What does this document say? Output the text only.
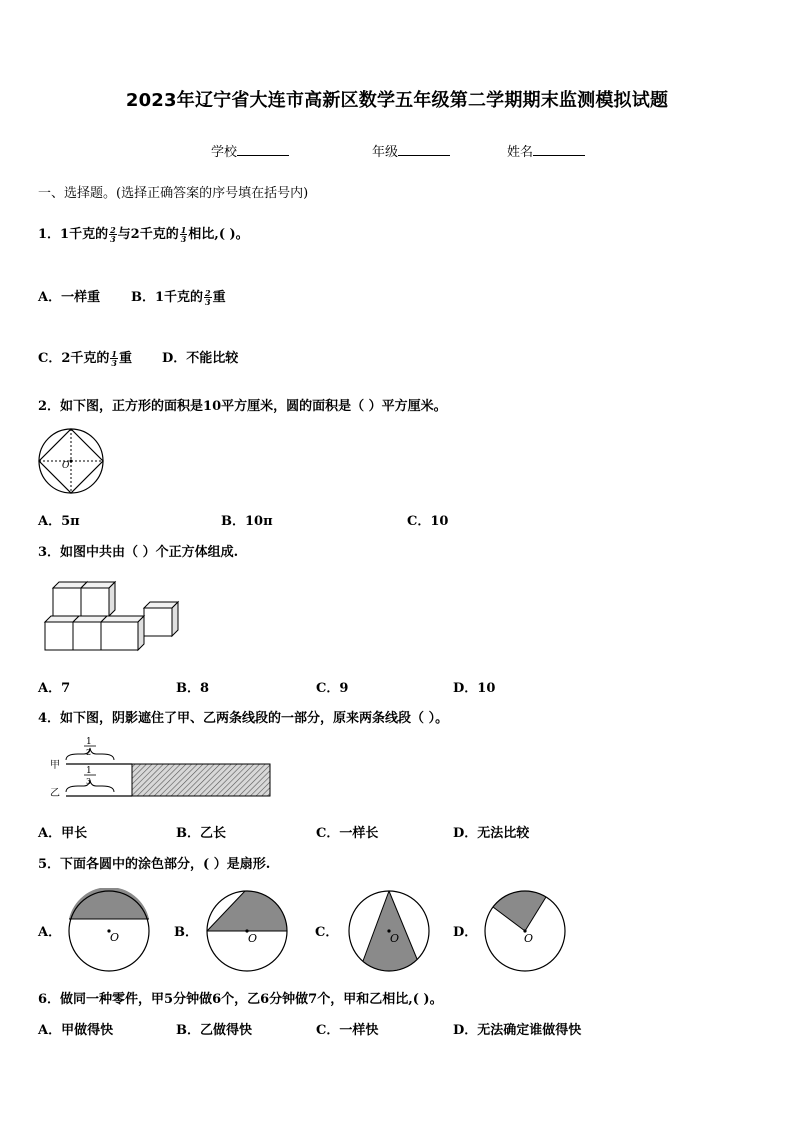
2023年辽宁省大连市高新区数学五年级第二学期期末监测模拟试题
学校	年级	姓名
一、选择题。(选择正确答案的序号填在括号内)
1．1千克的 $\frac{2}{3}$ 与2千克的 $\frac{1}{3}$ 相比,( )。
A．一样重 B．1千克的 $\frac{2}{3}$ 重
C．2千克的 $\frac{1}{3}$ 重 D．不能比较
2．如下图，正方形的面积是10平方厘米，圆的面积是（ ）平方厘米。
O
A．5π	B．10π	C．10
3．如图中共由（ ）个正方体组成.
A．7	B．8	C．9	D．10
4．如下图，阴影遮住了甲、乙两条线段的一部分，原来两条线段（ ）。
甲
乙
1
2
1
3
A．甲长	B．乙长	C．一样长	D．无法比较
5．下面各圆中的涂色部分，( ）是扇形.
A．	O	B．	O	C．	O	D．	O
6．做同一种零件，甲5分钟做6个，乙6分钟做7个，甲和乙相比,( )。
A．甲做得快	B．乙做得快	C．一样快	D．无法确定谁做得快
